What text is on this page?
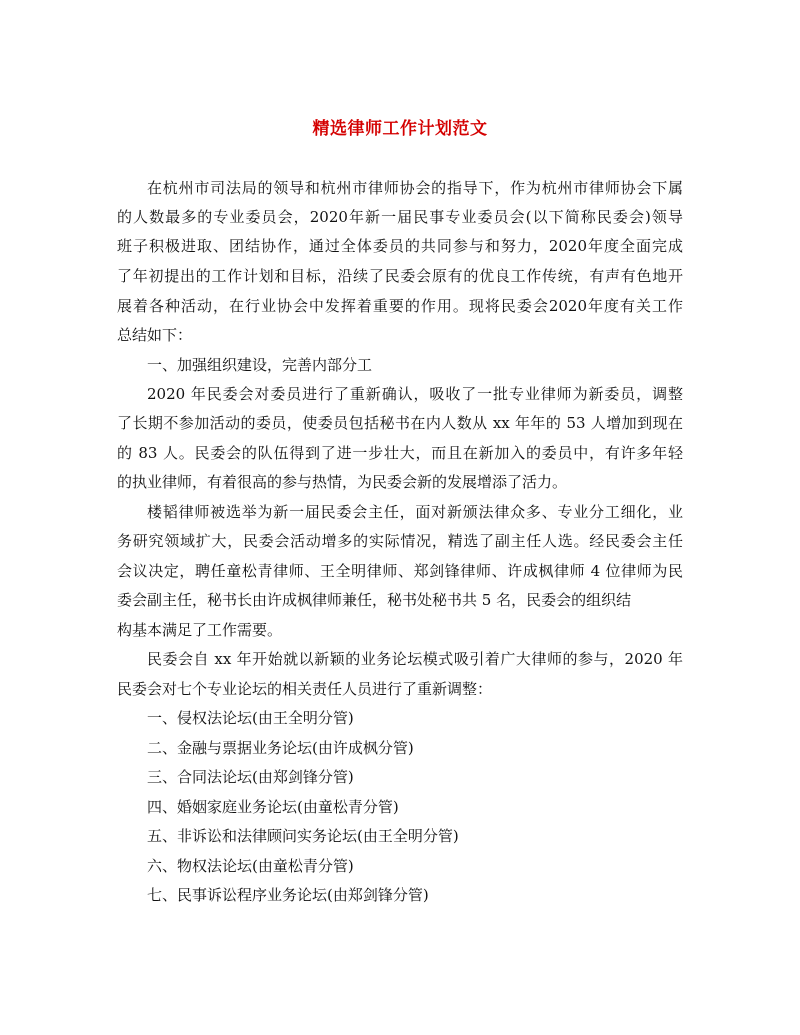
精选律师工作计划范文
在杭州市司法局的领导和杭州市律师协会的指导下，作为杭州市律师协会下属
的人数最多的专业委员会，2020年新一届民事专业委员会(以下简称民委会)领导
班子积极进取、团结协作，通过全体委员的共同参与和努力，2020年度全面完成
了年初提出的工作计划和目标，沿续了民委会原有的优良工作传统，有声有色地开
展着各种活动，在行业协会中发挥着重要的作用。现将民委会2020年度有关工作
总结如下：
一、加强组织建设，完善内部分工
2020 年民委会对委员进行了重新确认，吸收了一批专业律师为新委员，调整
了长期不参加活动的委员，使委员包括秘书在内人数从 xx 年年的 53 人增加到现在
的 83 人。民委会的队伍得到了进一步壮大，而且在新加入的委员中，有许多年轻
的执业律师，有着很高的参与热情，为民委会新的发展增添了活力。
楼韬律师被选举为新一届民委会主任，面对新颁法律众多、专业分工细化，业
务研究领域扩大，民委会活动增多的实际情况，精选了副主任人选。经民委会主任
会议决定，聘任童松青律师、王全明律师、郑剑锋律师、许成枫律师 4 位律师为民
委会副主任，秘书长由许成枫律师兼任，秘书处秘书共 5 名，民委会的组织结
构基本满足了工作需要。
民委会自 xx 年开始就以新颖的业务论坛模式吸引着广大律师的参与，2020 年
民委会对七个专业论坛的相关责任人员进行了重新调整：
一、侵权法论坛(由王全明分管)
二、金融与票据业务论坛(由许成枫分管)
三、合同法论坛(由郑剑锋分管)
四、婚姻家庭业务论坛(由童松青分管)
五、非诉讼和法律顾问实务论坛(由王全明分管)
六、物权法论坛(由童松青分管)
七、民事诉讼程序业务论坛(由郑剑锋分管)
